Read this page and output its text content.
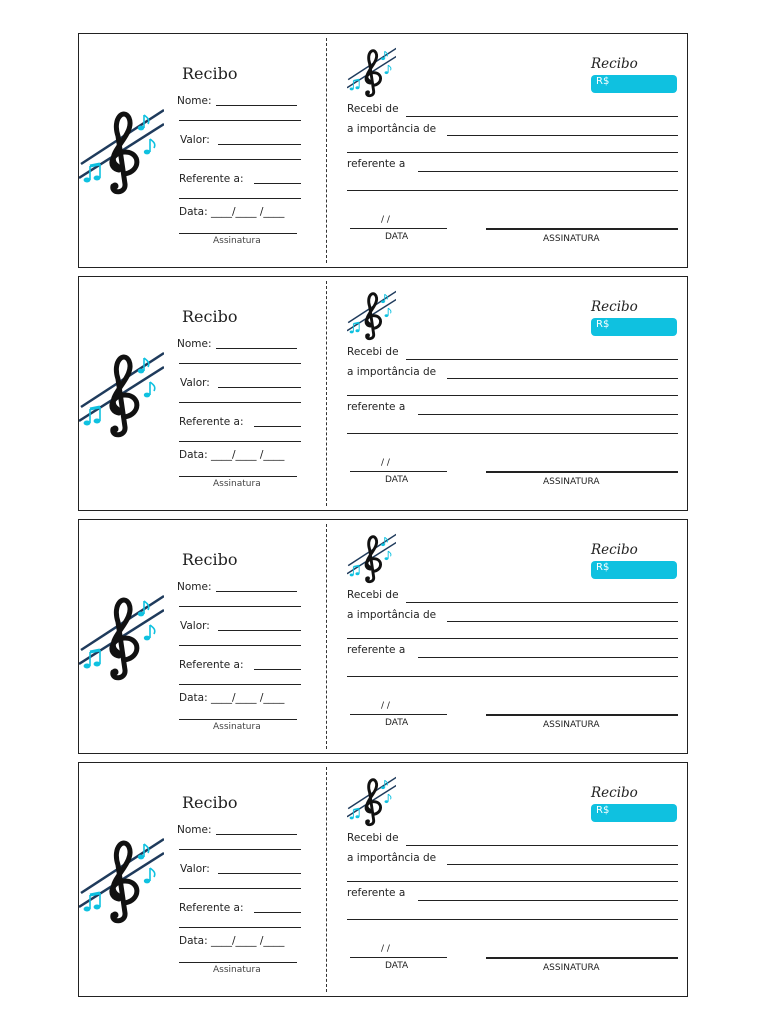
Recibo
Nome:
Valor:
Referente a:
Data: ____/____ /____
Assinatura
Recibo
R$
Recebi de
a importância de
referente a
/ /
DATA	ASSINATURA
Recibo
Nome:
Valor:
Referente a:
Data: ____/____ /____
Assinatura
Recibo
R$
Recebi de
a importância de
referente a
/ /
DATA	ASSINATURA
Recibo
Nome:
Valor:
Referente a:
Data: ____/____ /____
Assinatura
Recibo
R$
Recebi de
a importância de
referente a
/ /
DATA	ASSINATURA
Recibo
Nome:
Valor:
Referente a:
Data: ____/____ /____
Assinatura
Recibo
R$
Recebi de
a importância de
referente a
/ /
DATA	ASSINATURA
